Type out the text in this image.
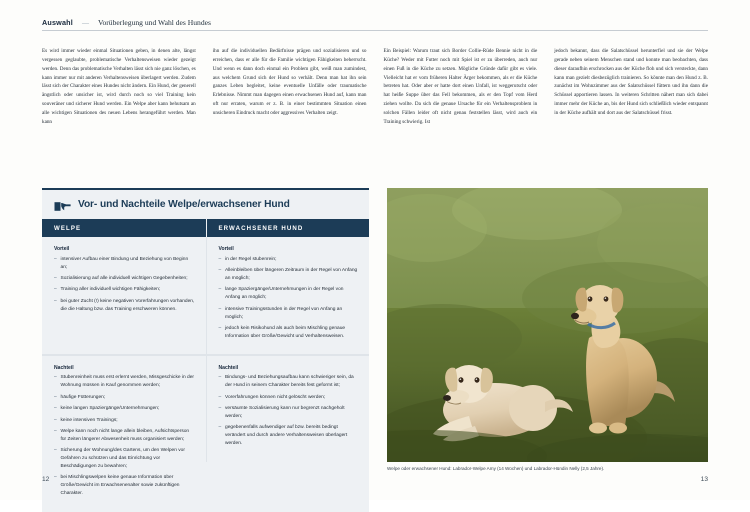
Auswahl — Vorüberlegung und Wahl des Hundes
Es wird immer wieder einmal Situationen geben, in denen alte, längst vergessen geglaubte, problematische Verhaltensweisen wieder gezeigt werden. Denn das problematische Verhalten lässt sich nie ganz löschen, es kann immer nur mit anderen Verhaltensweisen überlagert werden. Zudem lässt sich der Charakter eines Hundes nicht ändern. Ein Hund, der generell ängstlich oder unsicher ist, wird durch noch so viel Training kein souveräner und sicherer Hund werden. Ein Welpe aber kann behutsam an alle wichtigen Situationen des neuen Lebens herangeführt werden. Man kann
ihn auf die individuellen Bedürfnisse prägen und sozialisieren und so erreichen, dass er alle für die Familie wichtigen Fähigkeiten beherrscht. Und wenn es dann doch einmal ein Problem gibt, weiß man zumindest, aus welchem Grund sich der Hund so verhält. Denn man hat ihn sein ganzes Leben begleitet, keine eventuelle Unfälle oder traumatische Erlebnisse. Nimmt man dagegen einen erwachsenen Hund auf, kann man oft nur erraten, warum er z. B. in einer bestimmten Situation einen unsicheren Eindruck macht oder aggressives Verhalten zeigt.
Ein Beispiel: Warum traut sich Border Collie-Rüde Bennie nicht in die Küche? Weder mit Futter noch mit Spiel ist er zu überreden, auch nur einen Fuß in die Küche zu setzen. Mögliche Gründe dafür gibt es viele. Vielleicht hat er vom früheren Halter Ärger bekommen, als er die Küche betreten hat. Oder aber er hatte dort einen Unfall, ist weggerutscht oder hat heiße Suppe über das Fell bekommen, als er den Topf vom Herd ziehen wollte. Da sich die genaue Ursache für ein Verhaltensproblem in solchen Fällen leider oft nicht genau feststellen lässt, wird auch ein Training schwierig. Ist
jedoch bekannt, dass die Salatschüssel herunterfiel und sie der Welpe gerade neben seinem Menschen stand und konnte man beobachten, dass dieser daraufhin erschrocken aus der Küche floh und sich versteckte, dann kann man gezielt diesbezüglich trainieren. So könnte man den Hund z. B. zunächst im Wohnzimmer aus der Salatschüssel füttern und ihn dann die Schüssel apportieren lassen. In weiteren Schritten nähert man sich dabei immer mehr der Küche an, bis der Hund sich schließlich wieder entspannt in der Küche aufhält und dort aus der Salatschüssel frisst.
Vor- und Nachteile Welpe/erwachsener Hund
WELPE	ERWACHSENER HUND
Vorteil
– intensiver Aufbau einer Bindung und Beziehung von Beginn an;
– Sozialisierung auf alle individuell wichtigen Gegebenheiten;
– Training aller individuell wichtigen Fähigkeiten;
– bei guter Zucht (!) keine negativen Vorerfahrungen vorhanden, die die Haltung bzw. das Training erschweren können.
Vorteil
– in der Regel stubenrein;
– Alleinbleiben über längeren Zeitraum in der Regel von Anfang an möglich;
– lange Spaziergänge/Unternehmungen in der Regel von Anfang an möglich;
– intensive Trainingsstunden in der Regel von Anfang an möglich;
– jedoch kein Risikohund als auch beim Mischling genaue Information über Größe/Gewicht und Verhaltensweisen.
Nachteil
– Stubenreinheit muss erst erlernt werden, Missgeschicke in der Wohnung müssen in Kauf genommen werden;
– häufige Fütterungen;
– keine langen Spaziergänge/Unternehmungen;
– keine intensiven Trainings;
– Welpe kann noch nicht lange allein bleiben, Aufsichtsperson für Zeiten längerer Abwesenheit muss organisiert werden;
– Sicherung der Wohnung/des Gartens, um den Welpen vor Gefahren zu schützen und das Einrichtung vor Beschädigungen zu bewahren;
– bei Mischlingswelpen keine genaue Information über Größe/Gewicht im Erwachsenenalter sowie zukünftigen Charakter.
Nachteil
– Bindungs- und Beziehungsaufbau kann schwieriger sein, da der Hund in seinem Charakter bereits fest geformt ist;
– Vorerfahrungen können nicht gelöscht werden;
– versäumte Sozialisierung kann nur begrenzt nachgeholt werden;
– gegebenenfalls aufwendiger auf bzw. bereits bedingt verändert und durch andere Verhaltensweisen überlagert werden.
Welpe oder erwachsener Hund: Labrador-Welpe Amy (14 Wochen) und Labrador-Hündin Nelly (2,5 Jahre).
12	13
